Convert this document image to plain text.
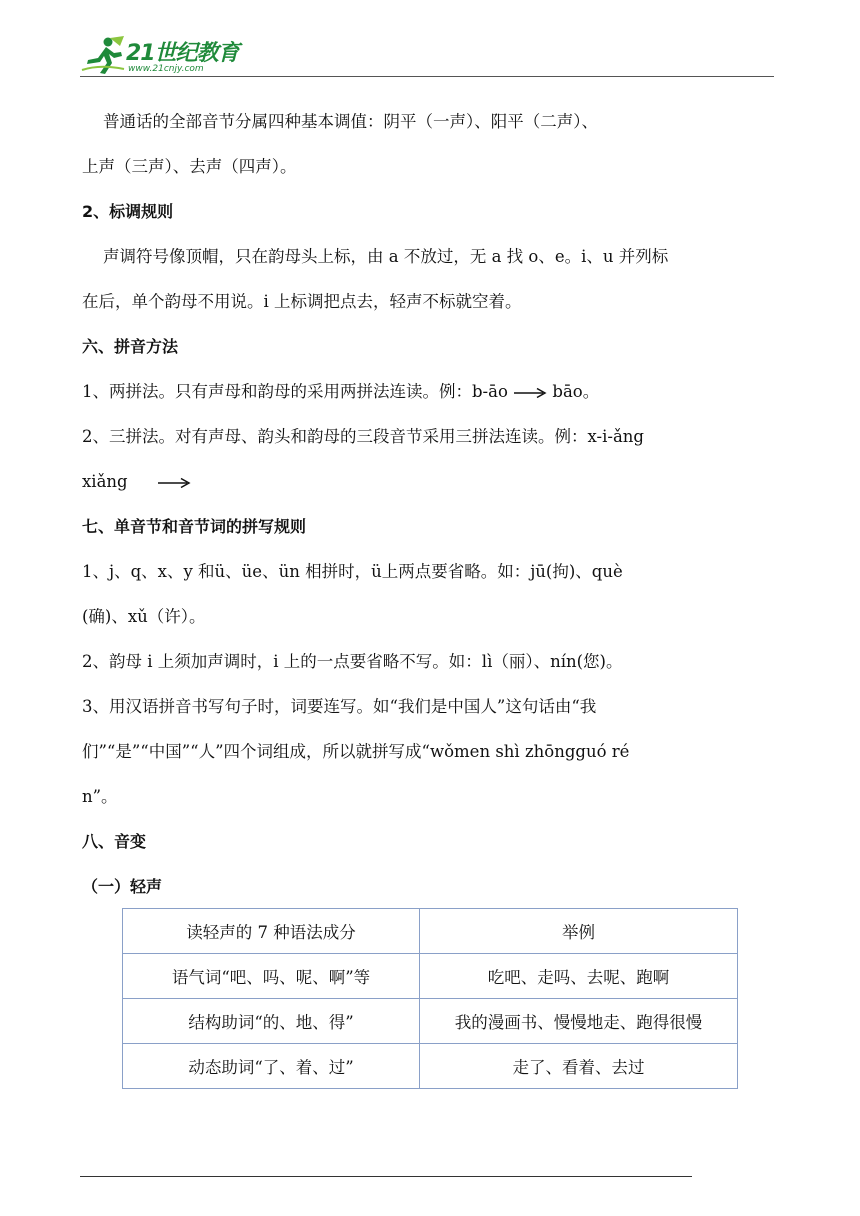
21世纪教育
www.21cnjy.com
普通话的全部音节分属四种基本调值：阴平（一声）、阳平（二声）、
上声（三声）、去声（四声）。
2、标调规则
声调符号像顶帽，只在韵母头上标，由 a 不放过，无 a 找 o、e。i、u 并列标
在后，单个韵母不用说。i 上标调把点去，轻声不标就空着。
六、拼音方法
1、两拼法。只有声母和韵母的采用两拼法连读。例：b-āo	bāo。
2、三拼法。对有声母、韵头和韵母的三段音节采用三拼法连读。例：x-i-ǎng
xiǎng
七、单音节和音节词的拼写规则
1、j、q、x、y 和ü、üe、ün 相拼时，ü上两点要省略。如：jū(拘)、què
(确)、xǔ（许）。
2、韵母 i 上须加声调时，i 上的一点要省略不写。如：lì（丽）、nín(您)。
3、用汉语拼音书写句子时，词要连写。如“我们是中国人”这句话由“我
们”“是”“中国”“人”四个词组成，所以就拼写成“wǒmen shì zhōngguó ré
n”。
八、音变
（一）轻声
读轻声的 7 种语法成分	举例
语气词“吧、吗、呢、啊”等	吃吧、走吗、去呢、跑啊
结构助词“的、地、得”	我的漫画书、慢慢地走、跑得很慢
动态助词“了、着、过”	走了、看着、去过
